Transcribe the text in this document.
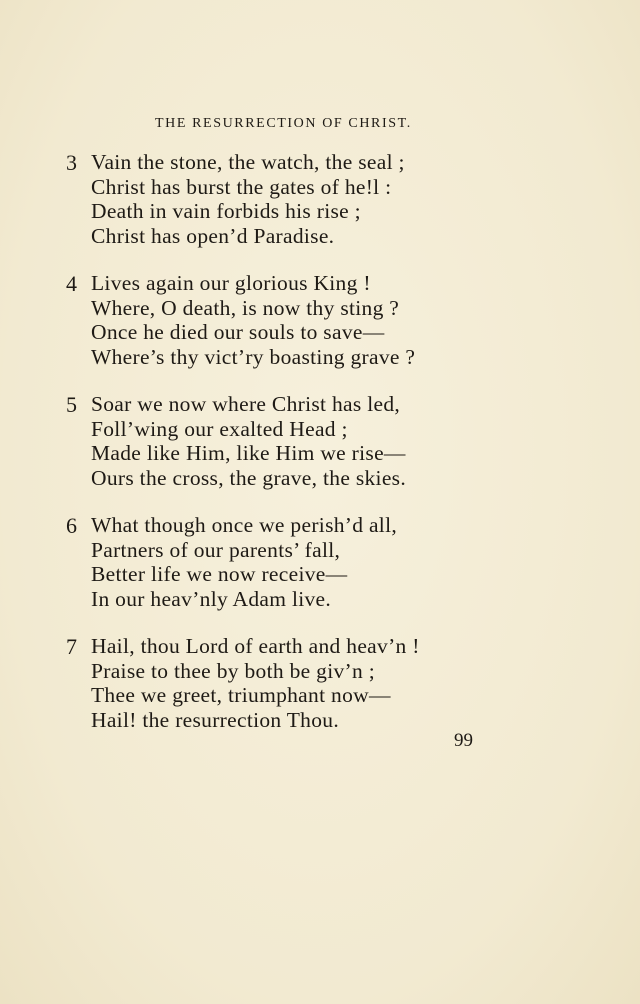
THE RESURRECTION OF CHRIST.
3 Vain the stone, the watch, the seal ;
Christ has burst the gates of he!l :
Death in vain forbids his rise ;
Christ has open’d Paradise.
4 Lives again our glorious King !
Where, O death, is now thy sting ?
Once he died our souls to save—
Where’s thy vict’ry boasting grave ?
5 Soar we now where Christ has led,
Foll’wing our exalted Head ;
Made like Him, like Him we rise—
Ours the cross, the grave, the skies.
6 What though once we perish’d all,
Partners of our parents’ fall,
Better life we now receive—
In our heav’nly Adam live.
7 Hail, thou Lord of earth and heav’n !
Praise to thee by both be giv’n ;
Thee we greet, triumphant now—
Hail! the resurrection Thou.
99
